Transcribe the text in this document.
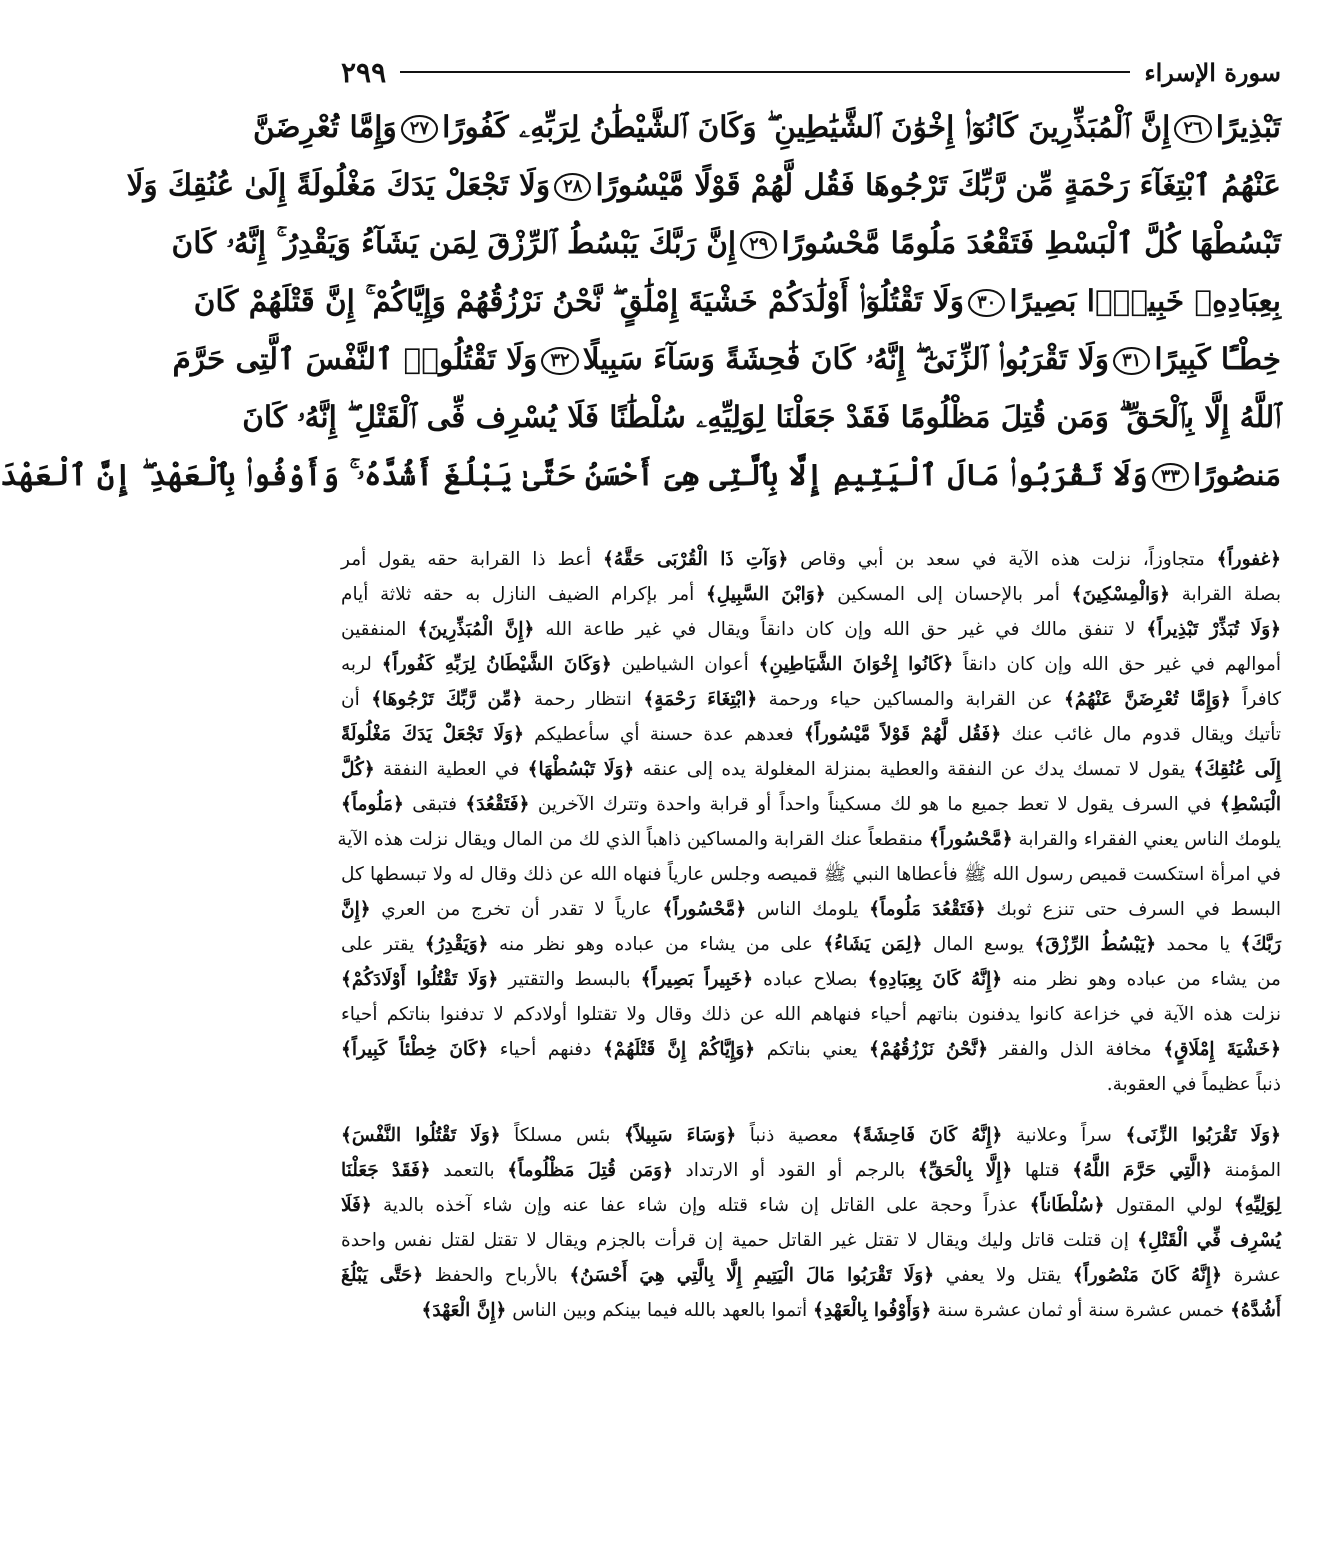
سورة الإسراء
٢٩٩
تَبْذِيرًا٢٦إِنَّ ٱلْمُبَذِّرِينَ كَانُوٓا۟ إِخْوَٰنَ ٱلشَّيَٰطِينِ ۖ وَكَانَ ٱلشَّيْطَٰنُ لِرَبِّهِۦ كَفُورًا٢٧وَإِمَّا تُعْرِضَنَّ
عَنْهُمُ ٱبْتِغَآءَ رَحْمَةٍ مِّن رَّبِّكَ تَرْجُوهَا فَقُل لَّهُمْ قَوْلًا مَّيْسُورًا٢٨وَلَا تَجْعَلْ يَدَكَ مَغْلُولَةً إِلَىٰ عُنُقِكَ وَلَا
تَبْسُطْهَا كُلَّ ٱلْبَسْطِ فَتَقْعُدَ مَلُومًا مَّحْسُورًا٢٩إِنَّ رَبَّكَ يَبْسُطُ ٱلرِّزْقَ لِمَن يَشَآءُ وَيَقْدِرُ ۚ إِنَّهُۥ كَانَ
بِعِبَادِهِۦ خَبِيرًۢا بَصِيرًا٣٠وَلَا تَقْتُلُوٓا۟ أَوْلَٰدَكُمْ خَشْيَةَ إِمْلَٰقٍ ۖ نَّحْنُ نَرْزُقُهُمْ وَإِيَّاكُمْ ۚ إِنَّ قَتْلَهُمْ كَانَ
خِطْـًٔا كَبِيرًا٣١وَلَا تَقْرَبُوا۟ ٱلزِّنَىٰٓ ۖ إِنَّهُۥ كَانَ فَٰحِشَةً وَسَآءَ سَبِيلًا٣٢وَلَا تَقْتُلُوا۟ ٱلنَّفْسَ ٱلَّتِى حَرَّمَ
ٱللَّهُ إِلَّا بِٱلْحَقِّ ۗ وَمَن قُتِلَ مَظْلُومًا فَقَدْ جَعَلْنَا لِوَلِيِّهِۦ سُلْطَٰنًا فَلَا يُسْرِف فِّى ٱلْقَتْلِ ۖ إِنَّهُۥ كَانَ
مَنصُورًا٣٣وَلَا تَقْرَبُوا۟ مَالَ ٱلْيَتِيمِ إِلَّا بِٱلَّتِى هِىَ أَحْسَنُ حَتَّىٰ يَبْلُغَ أَشُدَّهُۥ ۚ وَأَوْفُوا۟ بِٱلْعَهْدِ ۖ إِنَّ ٱلْعَهْدَ
﴿غفوراً﴾ متجاوزاً، نزلت هذه الآية في سعد بن أبي وقاص ﴿وَآتِ ذَا الْقُرْبَى حَقَّهُ﴾ أعط ذا القرابة حقه يقول أمر
بصلة القرابة ﴿وَالْمِسْكِينَ﴾ أمر بالإحسان إلى المسكين ﴿وَابْنَ السَّبِيلِ﴾ أمر بإكرام الضيف النازل به حقه ثلاثة أيام
﴿وَلَا تُبَذِّرْ تَبْذِيراً﴾ لا تنفق مالك في غير حق الله وإن كان دانقاً ويقال في غير طاعة الله ﴿إِنَّ الْمُبَذِّرِينَ﴾ المنفقين
أموالهم في غير حق الله وإن كان دانقاً ﴿كَانُوا إِخْوَانَ الشَّيَاطِينِ﴾ أعوان الشياطين ﴿وَكَانَ الشَّيْطَانُ لِرَبِّهِ كَفُوراً﴾ لربه
كافراً ﴿وَإِمَّا تُعْرِضَنَّ عَنْهُمُ﴾ عن القرابة والمساكين حياء ورحمة ﴿ابْتِغَاءَ رَحْمَةٍ﴾ انتظار رحمة ﴿مِّن رَّبِّكَ تَرْجُوهَا﴾ أن
تأتيك ويقال قدوم مال غائب عنك ﴿فَقُل لَّهُمْ قَوْلاً مَّيْسُوراً﴾ فعدهم عدة حسنة أي سأعطيكم ﴿وَلَا تَجْعَلْ يَدَكَ مَغْلُولَةً
إِلَى عُنُقِكَ﴾ يقول لا تمسك يدك عن النفقة والعطية بمنزلة المغلولة يده إلى عنقه ﴿وَلَا تَبْسُطْهَا﴾ في العطية النفقة ﴿كُلَّ
الْبَسْطِ﴾ في السرف يقول لا تعط جميع ما هو لك مسكيناً واحداً أو قرابة واحدة وتترك الآخرين ﴿فَتَقْعُدَ﴾ فتبقى ﴿مَلُوماً﴾
يلومك الناس يعني الفقراء والقرابة ﴿مَّحْسُوراً﴾ منقطعاً عنك القرابة والمساكين ذاهباً الذي لك من المال ويقال نزلت هذه الآية
في امرأة استكست قميص رسول الله ﷺ فأعطاها النبي ﷺ قميصه وجلس عارياً فنهاه الله عن ذلك وقال له ولا تبسطها كل
البسط في السرف حتى تنزع ثوبك ﴿فَتَقْعُدَ مَلُوماً﴾ يلومك الناس ﴿مَّحْسُوراً﴾ عارياً لا تقدر أن تخرج من العري ﴿إِنَّ
رَبَّكَ﴾ يا محمد ﴿يَبْسُطُ الرِّزْقَ﴾ يوسع المال ﴿لِمَن يَشَاءُ﴾ على من يشاء من عباده وهو نظر منه ﴿وَيَقْدِرُ﴾ يقتر على
من يشاء من عباده وهو نظر منه ﴿إِنَّهُ كَانَ بِعِبَادِهِ﴾ بصلاح عباده ﴿خَبِيراً بَصِيراً﴾ بالبسط والتقتير ﴿وَلَا تَقْتُلُوا أَوْلَادَكُمْ﴾
نزلت هذه الآية في خزاعة كانوا يدفنون بناتهم أحياء فنهاهم الله عن ذلك وقال ولا تقتلوا أولادكم لا تدفنوا بناتكم أحياء
﴿خَشْيَةَ إِمْلَاقٍ﴾ مخافة الذل والفقر ﴿نَّحْنُ نَرْزُقُهُمْ﴾ يعني بناتكم ﴿وَإِيَّاكُمْ إِنَّ قَتْلَهُمْ﴾ دفنهم أحياء ﴿كَانَ خِطْئاً كَبِيراً﴾
ذنباً عظيماً في العقوبة.
﴿وَلَا تَقْرَبُوا الزِّنَى﴾ سراً وعلانية ﴿إِنَّهُ كَانَ فَاحِشَةً﴾ معصية ذنباً ﴿وَسَاءَ سَبِيلاً﴾ بئس مسلكاً ﴿وَلَا تَقْتُلُوا النَّفْسَ﴾
المؤمنة ﴿الَّتِي حَرَّمَ اللَّهُ﴾ قتلها ﴿إِلَّا بِالْحَقِّ﴾ بالرجم أو القود أو الارتداد ﴿وَمَن قُتِلَ مَظْلُوماً﴾ بالتعمد ﴿فَقَدْ جَعَلْنَا
لِوَلِيِّهِ﴾ لولي المقتول ﴿سُلْطَاناً﴾ عذراً وحجة على القاتل إن شاء قتله وإن شاء عفا عنه وإن شاء آخذه بالدية ﴿فَلَا
يُسْرِف فِّي الْقَتْلِ﴾ إن قتلت قاتل وليك ويقال لا تقتل غير القاتل حمية إن قرأت بالجزم ويقال لا تقتل لقتل نفس واحدة
عشرة ﴿إِنَّهُ كَانَ مَنْصُوراً﴾ يقتل ولا يعفي ﴿وَلَا تَقْرَبُوا مَالَ الْيَتِيمِ إِلَّا بِالَّتِي هِيَ أَحْسَنُ﴾ بالأرباح والحفظ ﴿حَتَّى يَبْلُغَ
أَشُدَّهُ﴾ خمس عشرة سنة أو ثمان عشرة سنة ﴿وَأَوْفُوا بِالْعَهْدِ﴾ أتموا بالعهد بالله فيما بينكم وبين الناس ﴿إِنَّ الْعَهْدَ﴾
